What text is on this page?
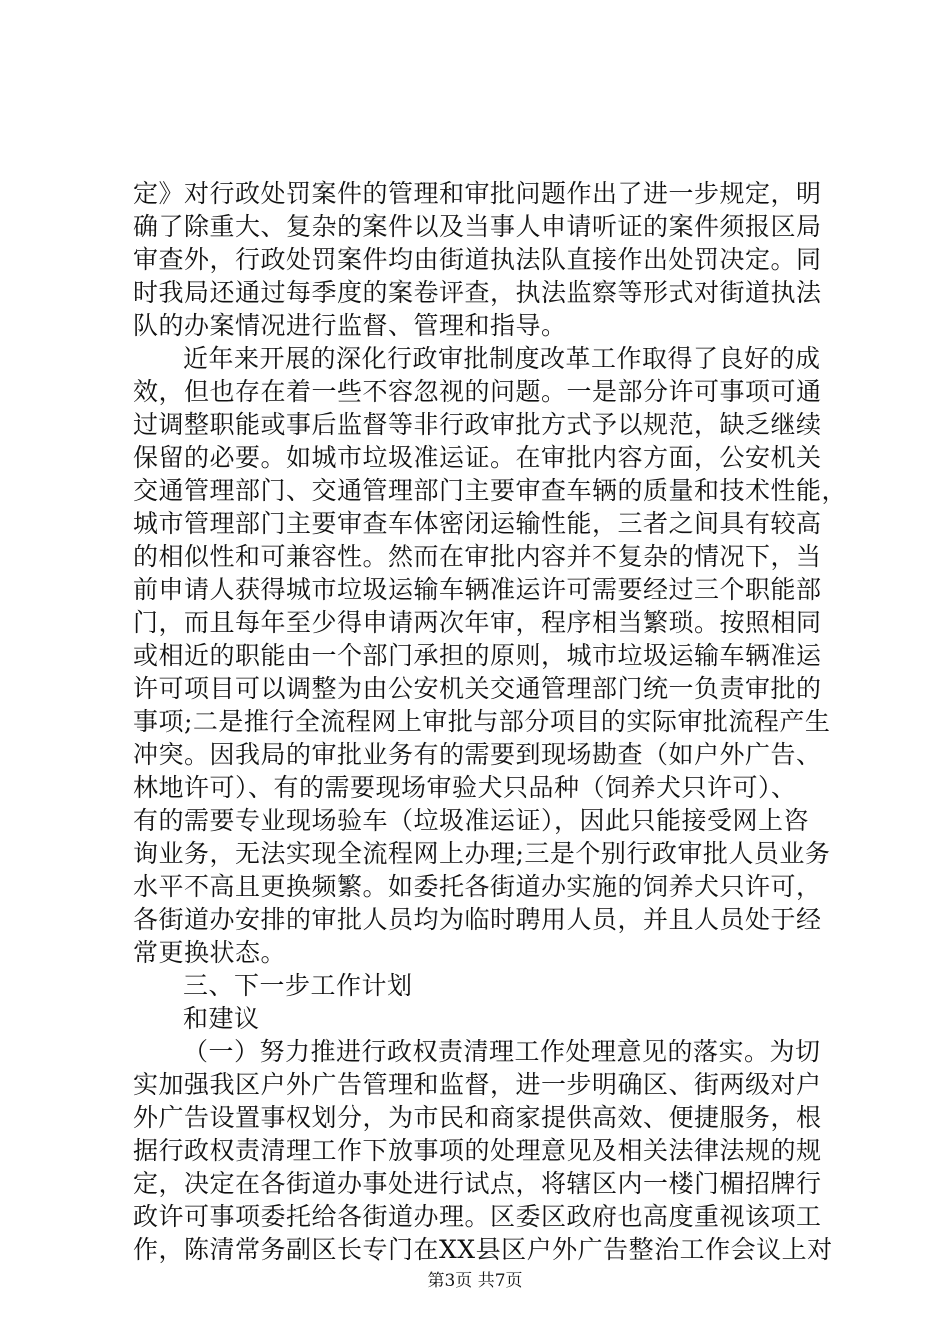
定》对行政处罚案件的管理和审批问题作出了进一步规定，明
确了除重大、复杂的案件以及当事人申请听证的案件须报区局
审查外，行政处罚案件均由街道执法队直接作出处罚决定。同
时我局还通过每季度的案卷评查，执法监察等形式对街道执法
队的办案情况进行监督、管理和指导。
近年来开展的深化行政审批制度改革工作取得了良好的成
效，但也存在着一些不容忽视的问题。一是部分许可事项可通
过调整职能或事后监督等非行政审批方式予以规范，缺乏继续
保留的必要。如城市垃圾准运证。在审批内容方面，公安机关
交通管理部门、交通管理部门主要审查车辆的质量和技术性能，
城市管理部门主要审查车体密闭运输性能，三者之间具有较高
的相似性和可兼容性。然而在审批内容并不复杂的情况下，当
前申请人获得城市垃圾运输车辆准运许可需要经过三个职能部
门，而且每年至少得申请两次年审，程序相当繁琐。按照相同
或相近的职能由一个部门承担的原则，城市垃圾运输车辆准运
许可项目可以调整为由公安机关交通管理部门统一负责审批的
事项;二是推行全流程网上审批与部分项目的实际审批流程产生
冲突。因我局的审批业务有的需要到现场勘查（如户外广告、
林地许可）、有的需要现场审验犬只品种（饲养犬只许可）、
有的需要专业现场验车（垃圾准运证），因此只能接受网上咨
询业务，无法实现全流程网上办理;三是个别行政审批人员业务
水平不高且更换频繁。如委托各街道办实施的饲养犬只许可，
各街道办安排的审批人员均为临时聘用人员，并且人员处于经
常更换状态。
三、下一步工作计划
和建议
（一）努力推进行政权责清理工作处理意见的落实。为切
实加强我区户外广告管理和监督，进一步明确区、街两级对户
外广告设置事权划分，为市民和商家提供高效、便捷服务，根
据行政权责清理工作下放事项的处理意见及相关法律法规的规
定，决定在各街道办事处进行试点，将辖区内一楼门楣招牌行
政许可事项委托给各街道办理。区委区政府也高度重视该项工
作，陈清常务副区长专门在XX县区户外广告整治工作会议上对
第3页 共7页
